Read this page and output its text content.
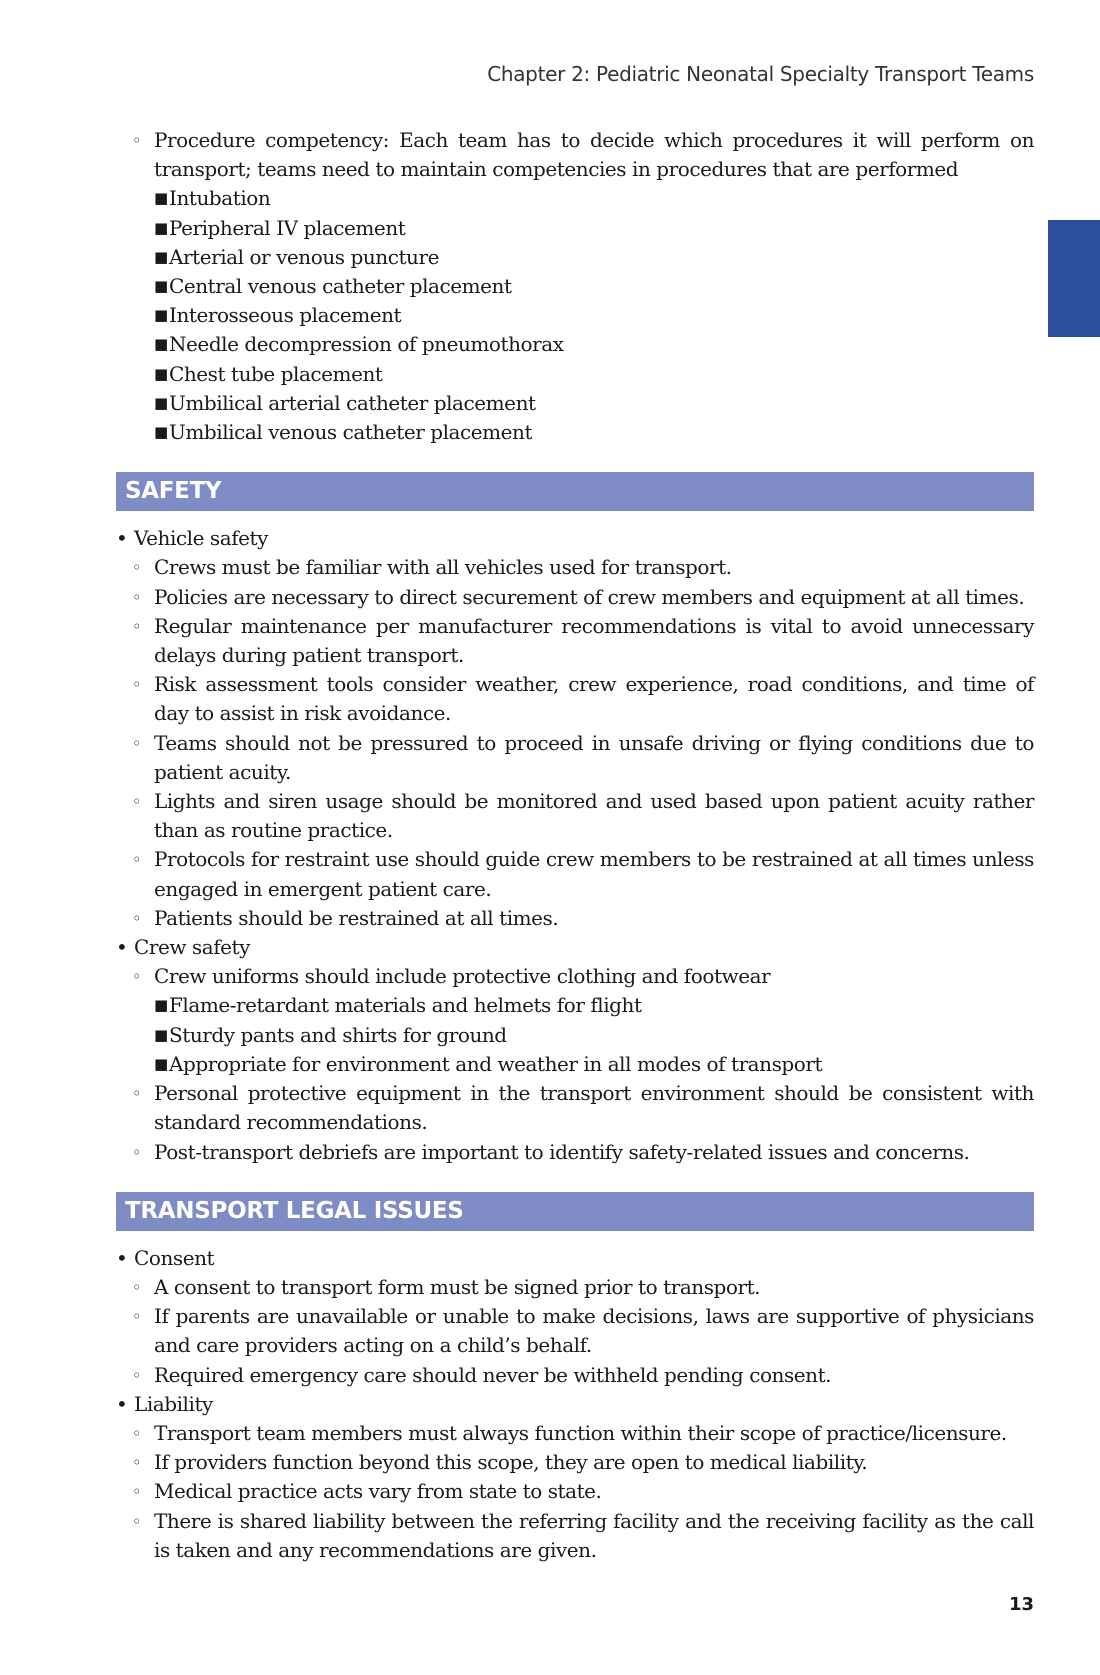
Chapter 2: Pediatric Neonatal Specialty Transport Teams
◦ Procedure competency: Each team has to decide which procedures it will perform on transport; teams need to maintain competencies in procedures that are performed
■ Intubation
■ Peripheral IV placement
■ Arterial or venous puncture
■ Central venous catheter placement
■ Interosseous placement
■ Needle decompression of pneumothorax
■ Chest tube placement
■ Umbilical arterial catheter placement
■ Umbilical venous catheter placement
SAFETY
• Vehicle safety
◦ Crews must be familiar with all vehicles used for transport.
◦ Policies are necessary to direct securement of crew members and equipment at all times.
◦ Regular maintenance per manufacturer recommendations is vital to avoid unnecessary delays during patient transport.
◦ Risk assessment tools consider weather, crew experience, road conditions, and time of day to assist in risk avoidance.
◦ Teams should not be pressured to proceed in unsafe driving or flying conditions due to patient acuity.
◦ Lights and siren usage should be monitored and used based upon patient acuity rather than as routine practice.
◦ Protocols for restraint use should guide crew members to be restrained at all times unless engaged in emergent patient care.
◦ Patients should be restrained at all times.
• Crew safety
◦ Crew uniforms should include protective clothing and footwear
■ Flame-retardant materials and helmets for flight
■ Sturdy pants and shirts for ground
■ Appropriate for environment and weather in all modes of transport
◦ Personal protective equipment in the transport environment should be consistent with standard recommendations.
◦ Post-transport debriefs are important to identify safety-related issues and concerns.
TRANSPORT LEGAL ISSUES
• Consent
◦ A consent to transport form must be signed prior to transport.
◦ If parents are unavailable or unable to make decisions, laws are supportive of physicians and care providers acting on a child’s behalf.
◦ Required emergency care should never be withheld pending consent.
• Liability
◦ Transport team members must always function within their scope of practice/licensure.
◦ If providers function beyond this scope, they are open to medical liability.
◦ Medical practice acts vary from state to state.
◦ There is shared liability between the referring facility and the receiving facility as the call is taken and any recommendations are given.
13
